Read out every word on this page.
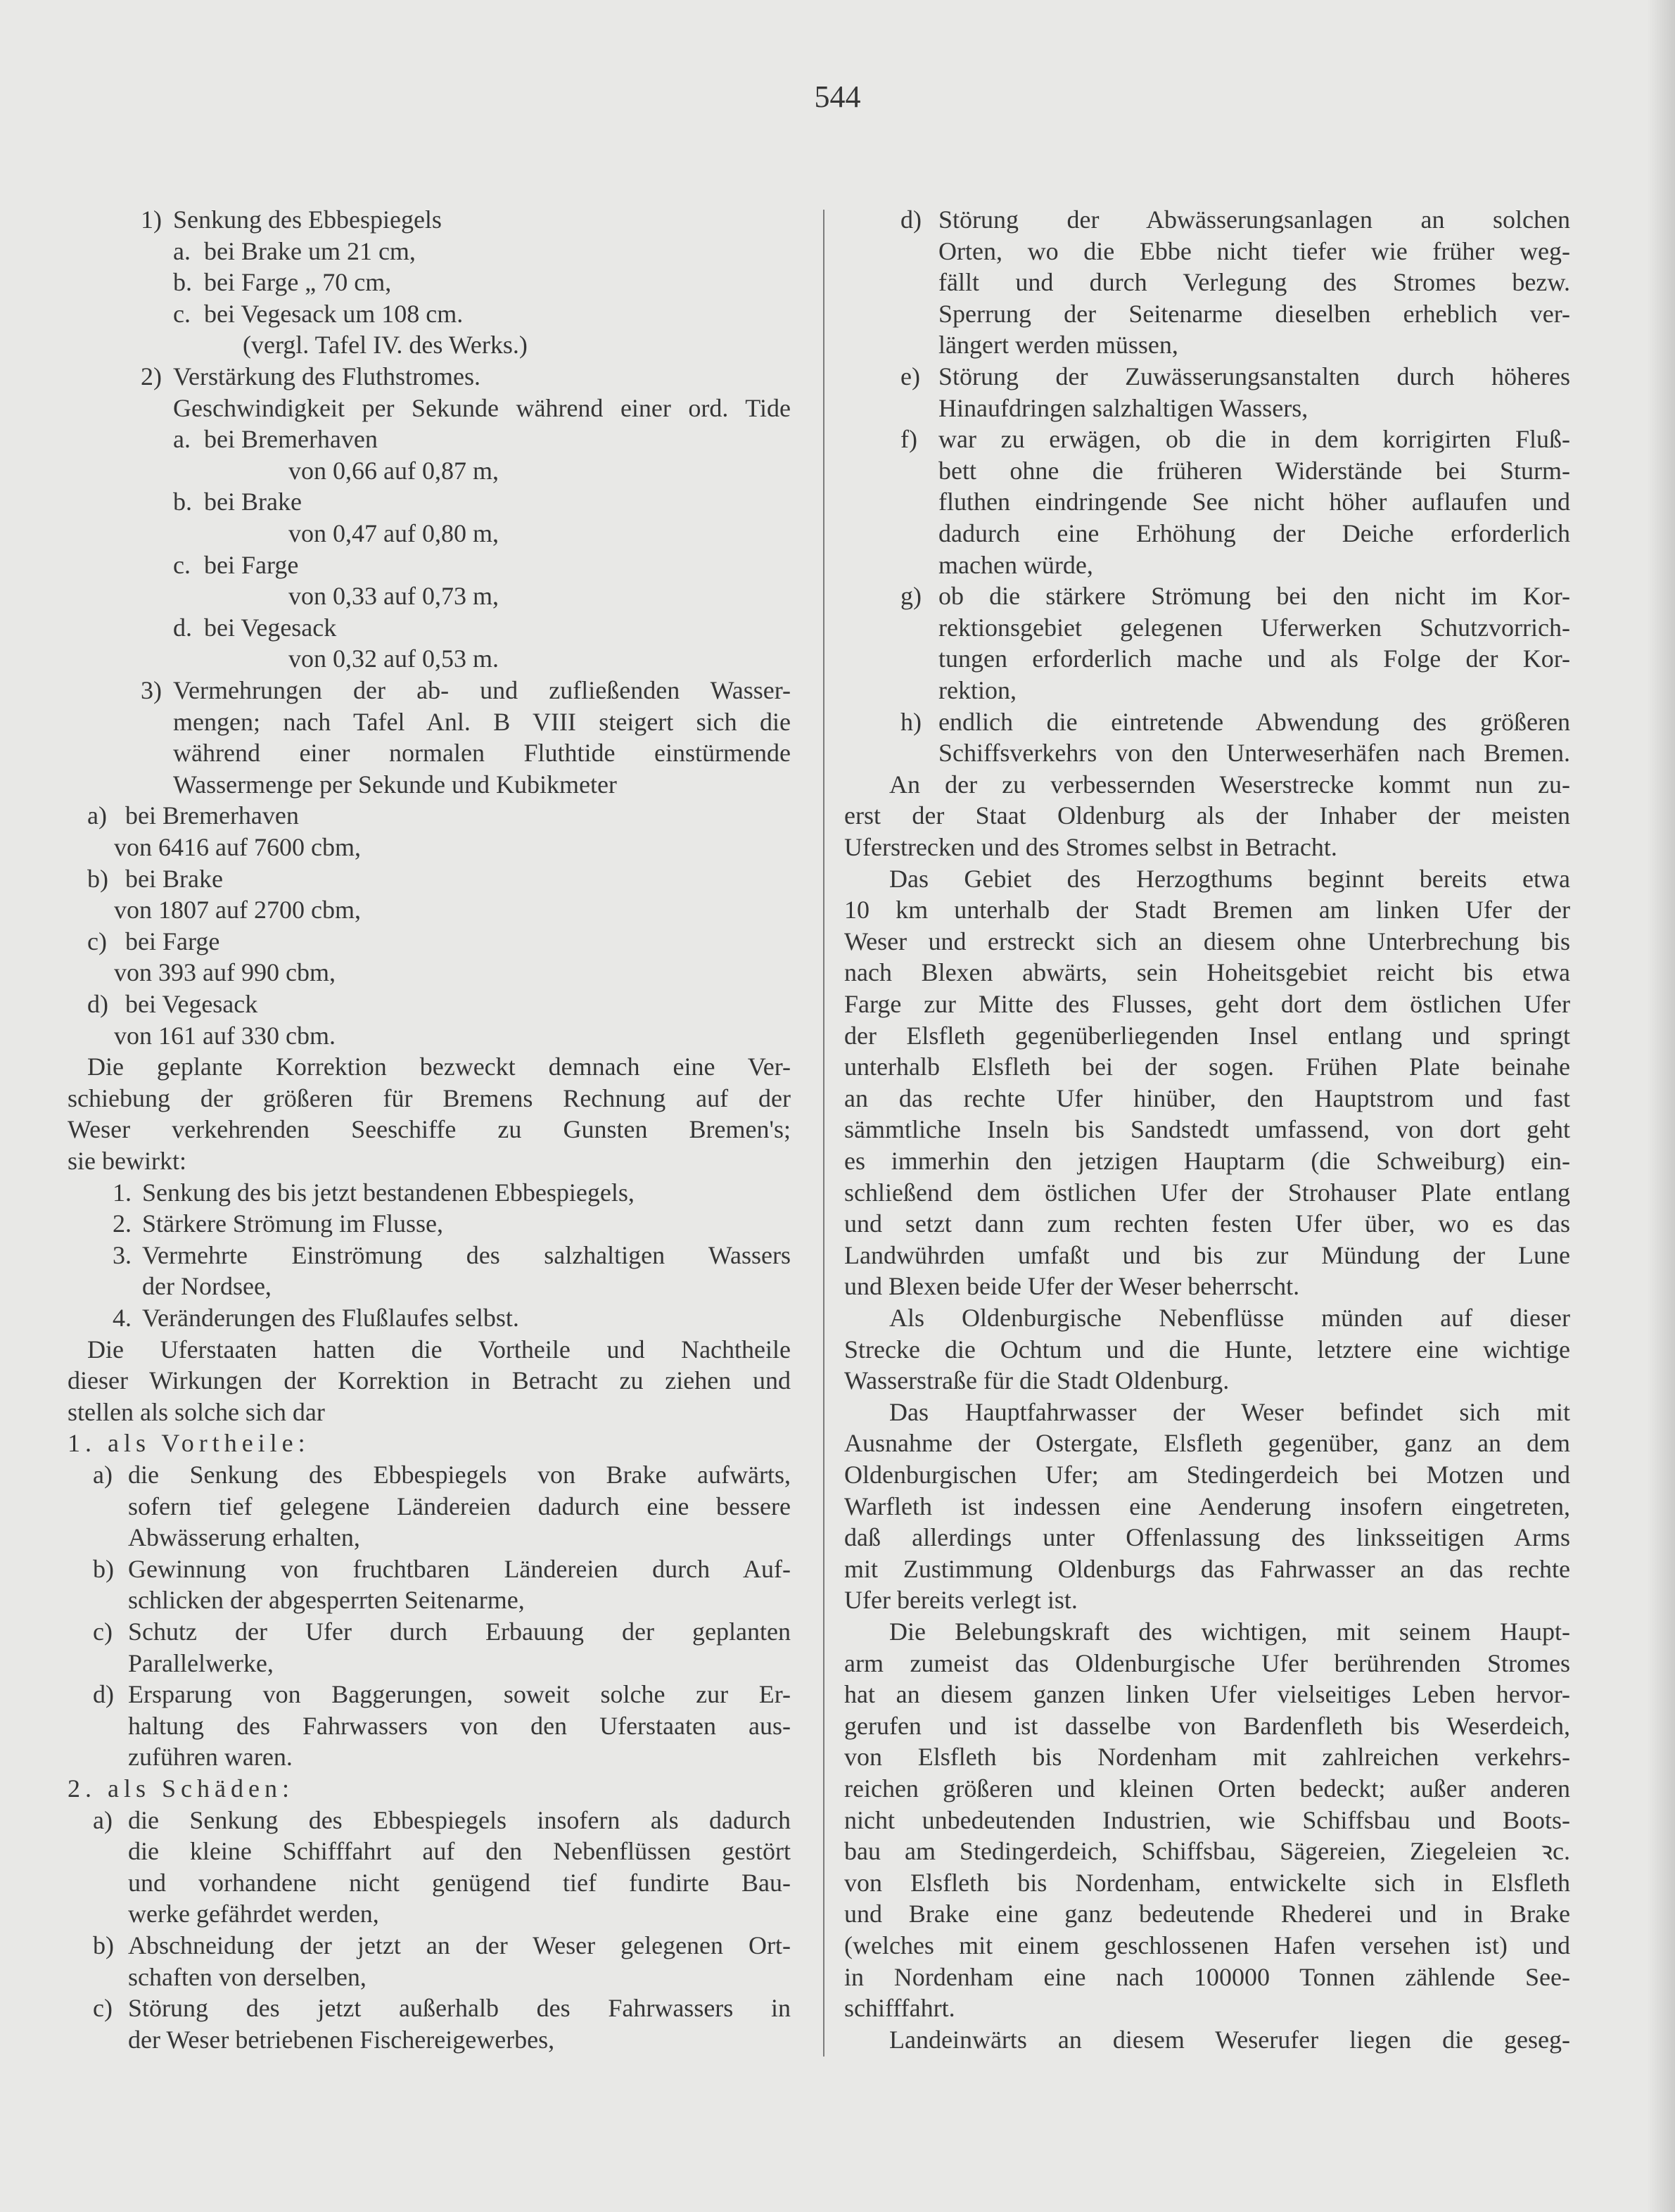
544
1) Senkung des Ebbespiegels
a. bei Brake um 21 cm,
b. bei Farge „ 70 cm,
c. bei Vegesack um 108 cm.
(vergl. Tafel IV. des Werks.)
2) Verstärkung des Fluthstromes.
Geschwindigkeit per Sekunde während einer ord. Tide
a. bei Bremerhaven
von 0,66 auf 0,87 m,
b. bei Brake
von 0,47 auf 0,80 m,
c. bei Farge
von 0,33 auf 0,73 m,
d. bei Vegesack
von 0,32 auf 0,53 m.
3) Vermehrungen der ab- und zufließenden Wasser-
mengen; nach Tafel Anl. B VIII steigert sich die
während einer normalen Fluthtide einstürmende
Wassermenge per Sekunde und Kubikmeter
a) bei Bremerhaven
von 6416 auf 7600 cbm,
b) bei Brake
von 1807 auf 2700 cbm,
c) bei Farge
von 393 auf 990 cbm,
d) bei Vegesack
von 161 auf 330 cbm.
Die geplante Korrektion bezweckt demnach eine Ver-
schiebung der größeren für Bremens Rechnung auf der
Weser verkehrenden Seeschiffe zu Gunsten Bremen's;
sie bewirkt:
1. Senkung des bis jetzt bestandenen Ebbespiegels,
2. Stärkere Strömung im Flusse,
3. Vermehrte Einströmung des salzhaltigen Wassers
der Nordsee,
4. Veränderungen des Flußlaufes selbst.
Die Uferstaaten hatten die Vortheile und Nachtheile
dieser Wirkungen der Korrektion in Betracht zu ziehen und
stellen als solche sich dar
1. als Vortheile:
a) die Senkung des Ebbespiegels von Brake aufwärts,
sofern tief gelegene Ländereien dadurch eine bessere
Abwässerung erhalten,
b) Gewinnung von fruchtbaren Ländereien durch Auf-
schlicken der abgesperrten Seitenarme,
c) Schutz der Ufer durch Erbauung der geplanten
Parallelwerke,
d) Ersparung von Baggerungen, soweit solche zur Er-
haltung des Fahrwassers von den Uferstaaten aus-
zuführen waren.
2. als Schäden:
a) die Senkung des Ebbespiegels insofern als dadurch
die kleine Schifffahrt auf den Nebenflüssen gestört
und vorhandene nicht genügend tief fundirte Bau-
werke gefährdet werden,
b) Abschneidung der jetzt an der Weser gelegenen Ort-
schaften von derselben,
c) Störung des jetzt außerhalb des Fahrwassers in
der Weser betriebenen Fischereigewerbes,
d) Störung der Abwässerungsanlagen an solchen
Orten, wo die Ebbe nicht tiefer wie früher weg-
fällt und durch Verlegung des Stromes bezw.
Sperrung der Seitenarme dieselben erheblich ver-
längert werden müssen,
e) Störung der Zuwässerungsanstalten durch höheres
Hinaufdringen salzhaltigen Wassers,
f) war zu erwägen, ob die in dem korrigirten Fluß-
bett ohne die früheren Widerstände bei Sturm-
fluthen eindringende See nicht höher auflaufen und
dadurch eine Erhöhung der Deiche erforderlich
machen würde,
g) ob die stärkere Strömung bei den nicht im Kor-
rektionsgebiet gelegenen Uferwerken Schutzvorrich-
tungen erforderlich mache und als Folge der Kor-
rektion,
h) endlich die eintretende Abwendung des größeren
Schiffsverkehrs von den Unterweserhäfen nach Bremen.
An der zu verbessernden Weserstrecke kommt nun zu-
erst der Staat Oldenburg als der Inhaber der meisten
Uferstrecken und des Stromes selbst in Betracht.
Das Gebiet des Herzogthums beginnt bereits etwa
10 km unterhalb der Stadt Bremen am linken Ufer der
Weser und erstreckt sich an diesem ohne Unterbrechung bis
nach Blexen abwärts, sein Hoheitsgebiet reicht bis etwa
Farge zur Mitte des Flusses, geht dort dem östlichen Ufer
der Elsfleth gegenüberliegenden Insel entlang und springt
unterhalb Elsfleth bei der sogen. Frühen Plate beinahe
an das rechte Ufer hinüber, den Hauptstrom und fast
sämmtliche Inseln bis Sandstedt umfassend, von dort geht
es immerhin den jetzigen Hauptarm (die Schweiburg) ein-
schließend dem östlichen Ufer der Strohauser Plate entlang
und setzt dann zum rechten festen Ufer über, wo es das
Landwührden umfaßt und bis zur Mündung der Lune
und Blexen beide Ufer der Weser beherrscht.
Als Oldenburgische Nebenflüsse münden auf dieser
Strecke die Ochtum und die Hunte, letztere eine wichtige
Wasserstraße für die Stadt Oldenburg.
Das Hauptfahrwasser der Weser befindet sich mit
Ausnahme der Ostergate, Elsfleth gegenüber, ganz an dem
Oldenburgischen Ufer; am Stedingerdeich bei Motzen und
Warfleth ist indessen eine Aenderung insofern eingetreten,
daß allerdings unter Offenlassung des linksseitigen Arms
mit Zustimmung Oldenburgs das Fahrwasser an das rechte
Ufer bereits verlegt ist.
Die Belebungskraft des wichtigen, mit seinem Haupt-
arm zumeist das Oldenburgische Ufer berührenden Stromes
hat an diesem ganzen linken Ufer vielseitiges Leben hervor-
gerufen und ist dasselbe von Bardenfleth bis Weserdeich,
von Elsfleth bis Nordenham mit zahlreichen verkehrs-
reichen größeren und kleinen Orten bedeckt; außer anderen
nicht unbedeutenden Industrien, wie Schiffsbau und Boots-
bau am Stedingerdeich, Schiffsbau, Sägereien, Ziegeleien ꝛc.
von Elsfleth bis Nordenham, entwickelte sich in Elsfleth
und Brake eine ganz bedeutende Rhederei und in Brake
(welches mit einem geschlossenen Hafen versehen ist) und
in Nordenham eine nach 100000 Tonnen zählende See-
schifffahrt.
Landeinwärts an diesem Weserufer liegen die geseg-
